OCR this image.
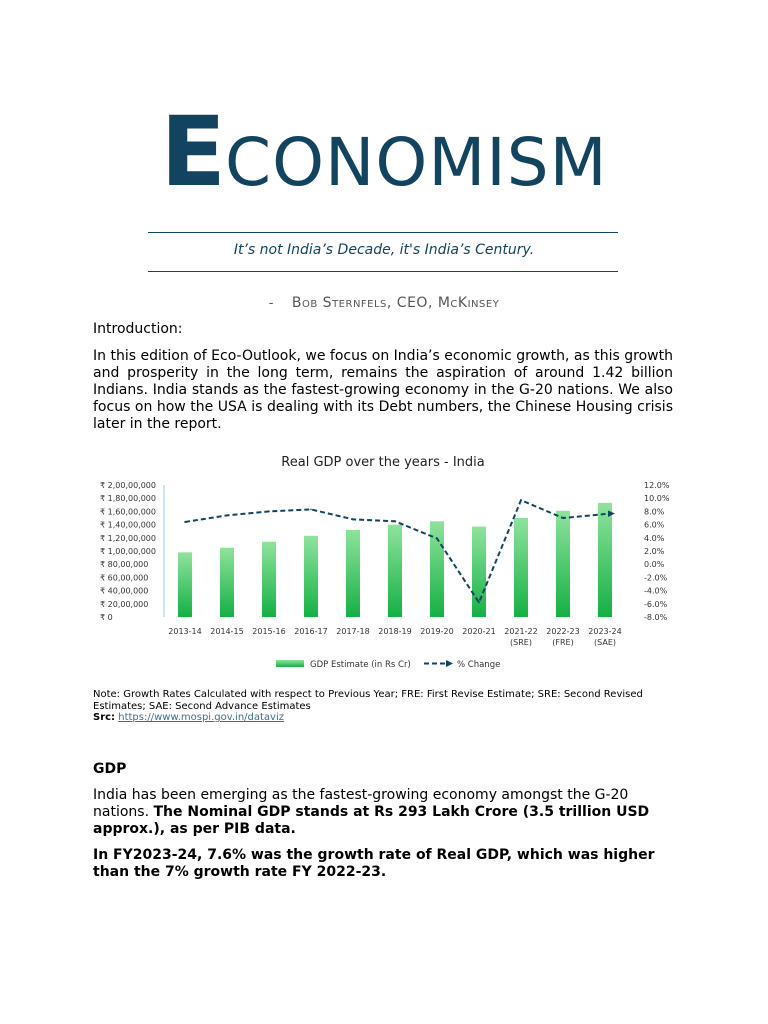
ECONOMISM
It’s not India’s Decade, it's India’s Century.
- Bob Sternfels, CEO, McKinsey
Introduction:

In this edition of Eco-Outlook, we focus on India’s economic growth, as this growth and prosperity in the long term, remains the aspiration of around 1.42 billion Indians. India stands as the fastest-growing economy in the G-20 nations. We also focus on how the USA is dealing with its Debt numbers, the Chinese Housing crisis later in the report.

Real GDP over the years - India
₹ 0
₹ 20,00,000
₹ 40,00,000
₹ 60,00,000
₹ 80,00,000
₹ 1,00,00,000
₹ 1,20,00,000
₹ 1,40,00,000
₹ 1,60,00,000
₹ 1,80,00,000
₹ 2,00,00,000
-8.0%
-6.0%
-4.0%
-2.0%
0.0%
2.0%
4.0%
6.0%
8.0%
10.0%
12.0%
2013-14 2014-15 2015-16 2016-17 2017-18 2018-19 2019-20 2020-21 2021-22
(SRE)
2022-23
(FRE)
2023-24
(SAE)
GDP Estimate (in Rs Cr)	% Change

Note: Growth Rates Calculated with respect to Previous Year; FRE: First Revise Estimate; SRE: Second Revised Estimates; SAE: Second Advance Estimates

Src: https://www.mospi.gov.in/dataviz
GDP

India has been emerging as the fastest-growing economy amongst the G-20 nations. The Nominal GDP stands at Rs 293 Lakh Crore (3.5 trillion USD approx.), as per PIB data.

In FY2023-24, 7.6% was the growth rate of Real GDP, which was higher than the 7% growth rate FY 2022-23.
